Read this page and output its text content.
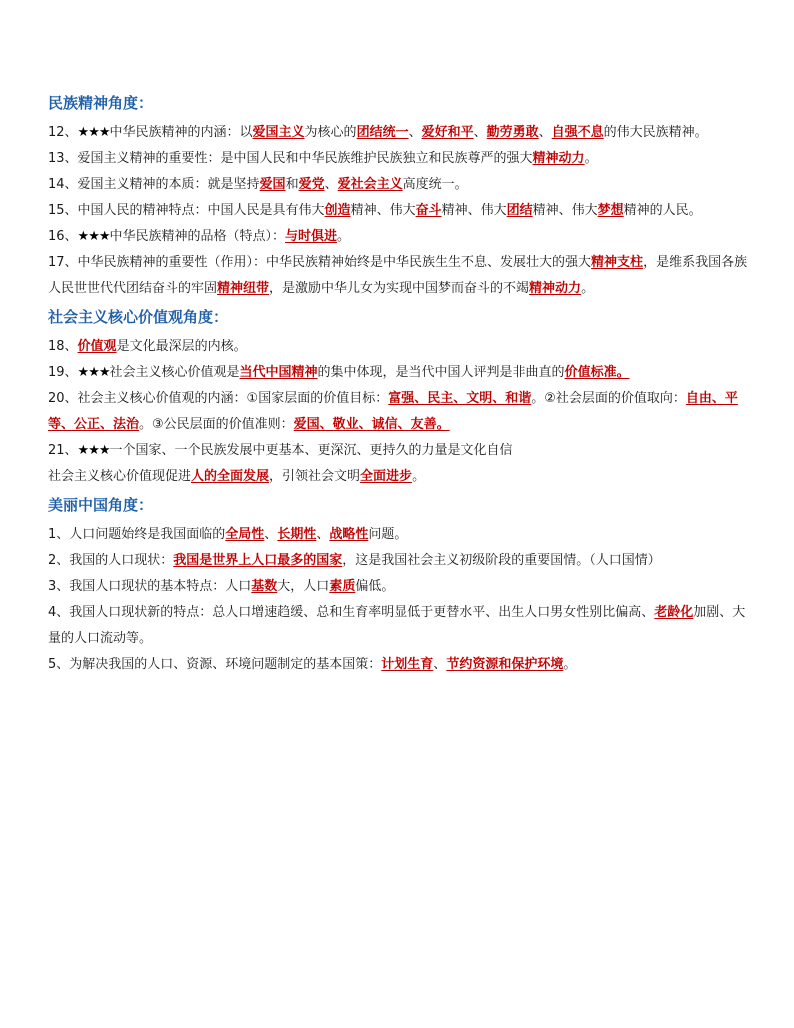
民族精神角度：
12、★★★中华民族精神的内涵：以爱国主义为核心的团结统一、爱好和平、勤劳勇敢、自强不息的伟大民族精神。
13、爱国主义精神的重要性：是中国人民和中华民族维护民族独立和民族尊严的强大精神动力。
14、爱国主义精神的本质：就是坚持爱国和爱党、爱社会主义高度统一。
15、中国人民的精神特点：中国人民是具有伟大创造精神、伟大奋斗精神、伟大团结精神、伟大梦想精神的人民。
16、★★★中华民族精神的品格（特点）：与时俱进。
17、中华民族精神的重要性（作用）：中华民族精神始终是中华民族生生不息、发展壮大的强大精神支柱，是维系我国各族人民世世代代团结奋斗的牢固精神纽带，是激励中华儿女为实现中国梦而奋斗的不竭精神动力。
社会主义核心价值观角度：
18、价值观是文化最深层的内核。
19、★★★社会主义核心价值观是当代中国精神的集中体现，是当代中国人评判是非曲直的价值标准。
20、社会主义核心价值观的内涵：①国家层面的价值目标：富强、民主、文明、和谐。②社会层面的价值取向：自由、平等、公正、法治。③公民层面的价值准则：爱国、敬业、诚信、友善。
21、★★★一个国家、一个民族发展中更基本、更深沉、更持久的力量是文化自信
社会主义核心价值现促进人的全面发展，引领社会文明全面进步。
美丽中国角度：
1、人口问题始终是我国面临的全局性、长期性、战略性问题。
2、我国的人口现状：我国是世界上人口最多的国家，这是我国社会主义初级阶段的重要国情。（人口国情）
3、我国人口现状的基本特点：人口基数大，人口素质偏低。
4、我国人口现状新的特点：总人口增速趋缓、总和生育率明显低于更替水平、出生人口男女性别比偏高、老龄化加剧、大量的人口流动等。
5、为解决我国的人口、资源、环境问题制定的基本国策：计划生育、节约资源和保护环境。
